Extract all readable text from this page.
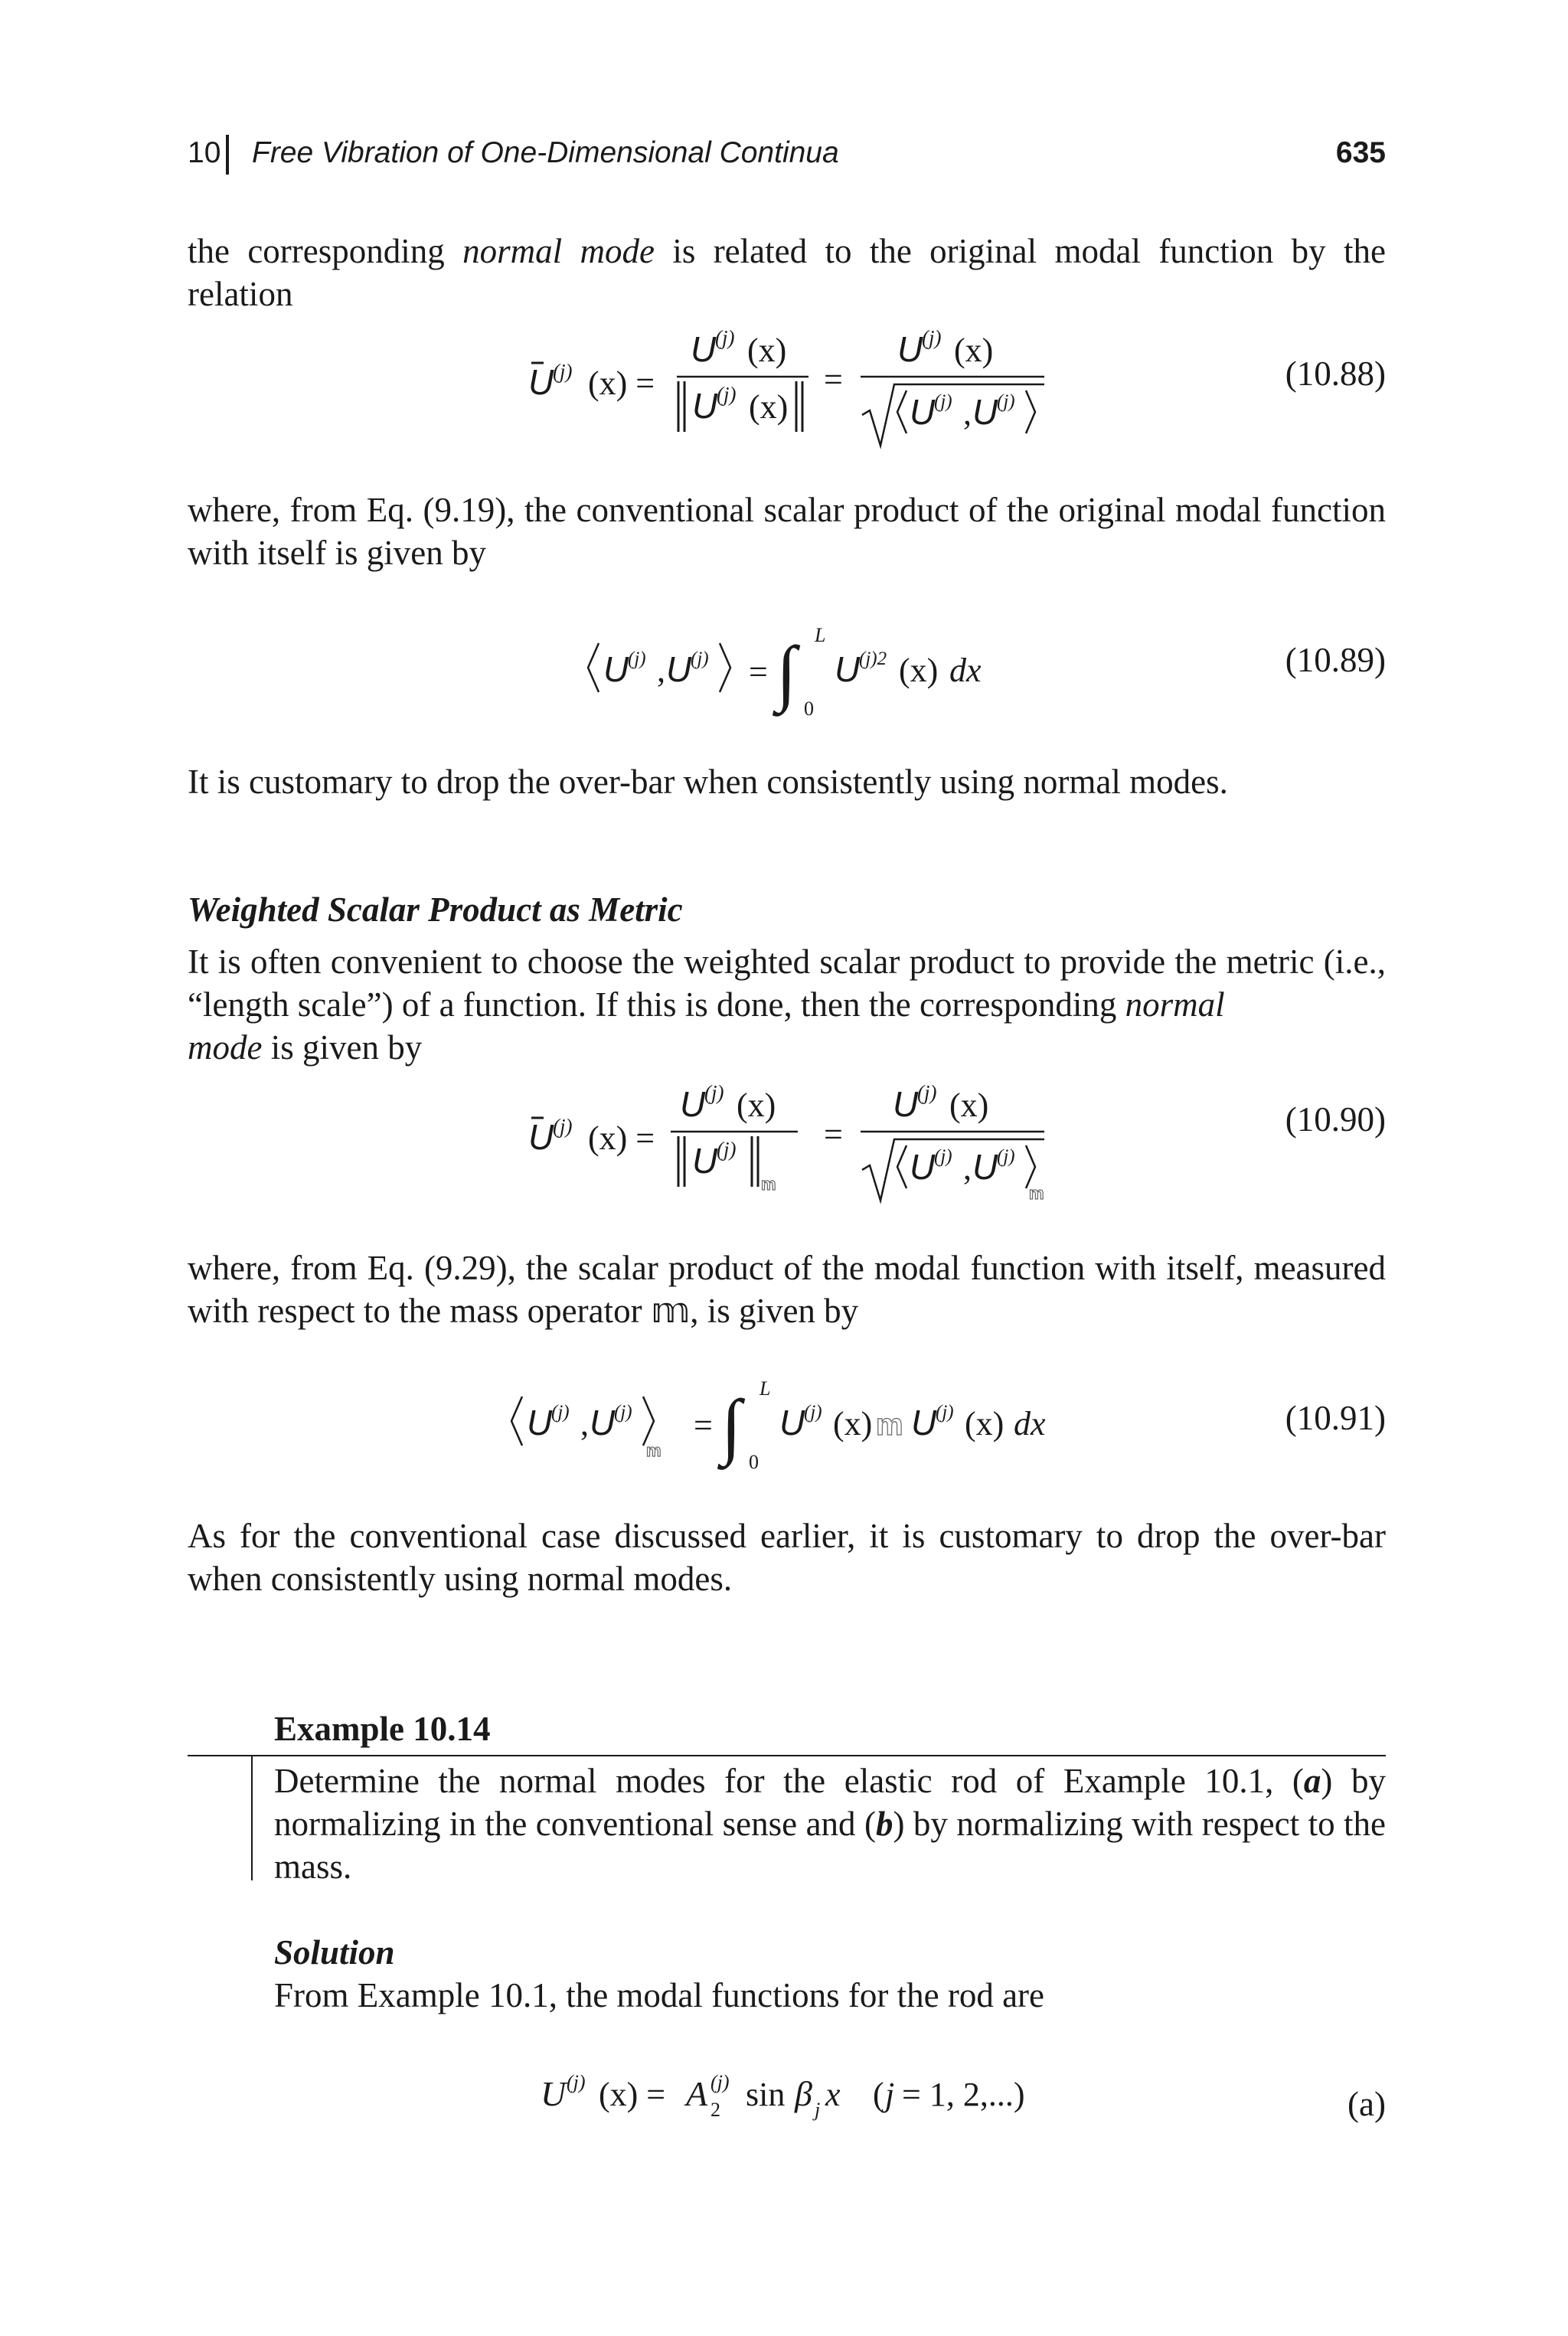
10 Free Vibration of One-Dimensional Continua	635

the corresponding normal mode is related to the original modal function by the relation

U
(j) (x) =
U
(j) (x)
U
(j) (x)
=
U
(j) (x)
U
(j) , U
(j)
(10.88)

where, from Eq. (9.19), the conventional scalar product of the original modal function with itself is given by

U
(j) , U
(j) = ∫ L
0
U
(j)2 (x) dx	(10.89)

It is customary to drop the over-bar when consistently using normal modes.

Weighted Scalar Product as Metric

It is often convenient to choose the weighted scalar product to provide the metric (i.e., “length scale”) of a function. If this is done, then the corresponding normal
mode is given by

U
(j) (x) =
U
(j) (x)
U
(j)
m
=
U
(j) (x)
U
(j) , U
(j)
m
(10.90)

where, from Eq. (9.29), the scalar product of the modal function with itself, measured with respect to the mass operator 𝕞, is given by

U
(j) , U
(j)
m
= ∫ L
0
U
(j) (x) m U
(j) (x) dx	(10.91)

As for the conventional case discussed earlier, it is customary to drop the over-bar when consistently using normal modes.

Example 10.14

Determine the normal modes for the elastic rod of Example 10.1, (a) by normalizing in the conventional sense and (b) by normalizing with respect to the mass.

Solution

From Example 10.1, the modal functions for the rod are

U (j) (x) = A 2
(j) sin β j x ( j = 1, 2,...)	(a)
